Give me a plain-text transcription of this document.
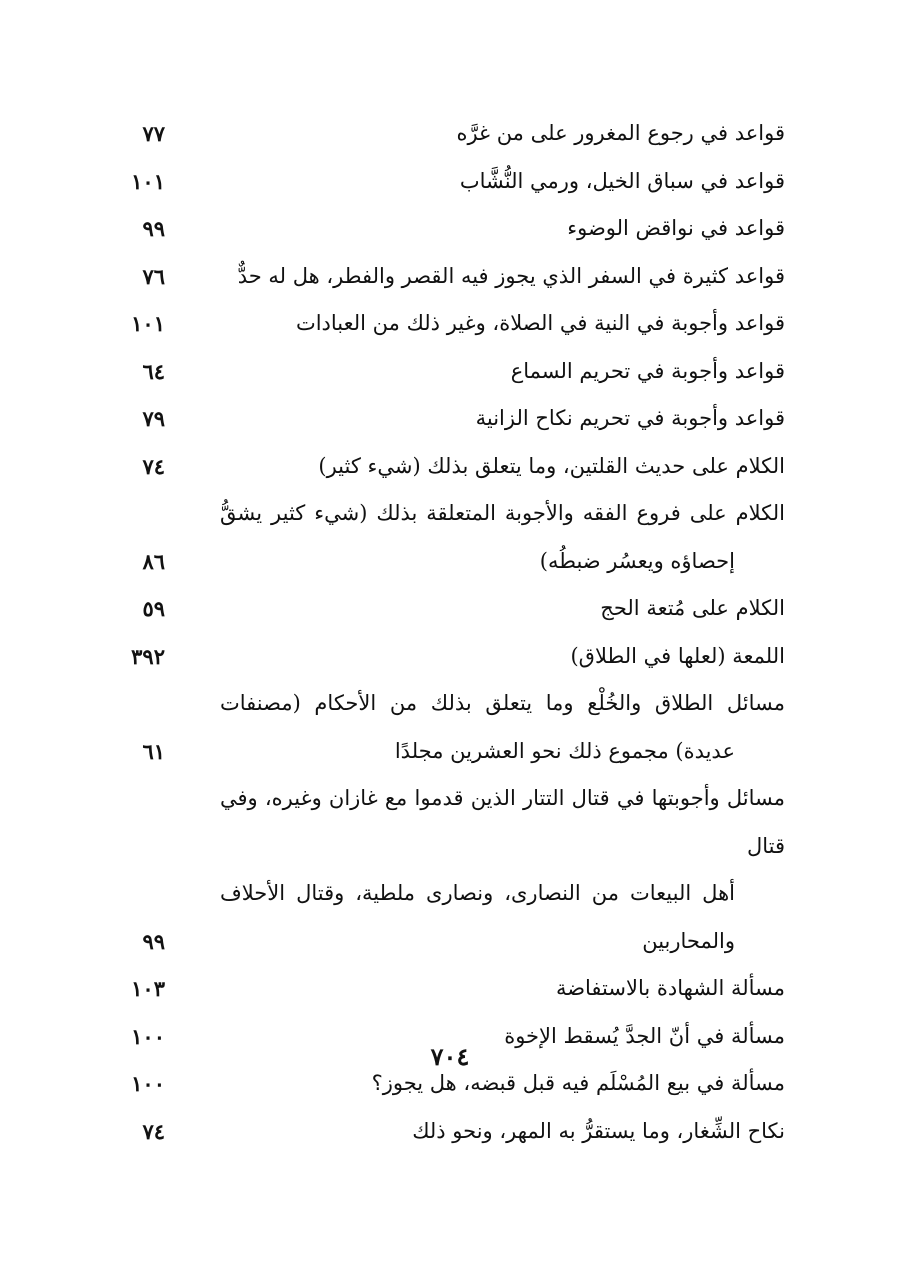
قواعد في رجوع المغرور على من غرَّه
٧٧
قواعد في سباق الخيل، ورمي النُّشَّاب
١٠١
قواعد في نواقض الوضوء
٩٩
قواعد كثيرة في السفر الذي يجوز فيه القصر والفطر، هل له حدٌّ
٧٦
قواعد وأجوبة في النية في الصلاة، وغير ذلك من العبادات
١٠١
قواعد وأجوبة في تحريم السماع
٦٤
قواعد وأجوبة في تحريم نكاح الزانية
٧٩
الكلام على حديث القلتين، وما يتعلق بذلك (شيء كثير)
٧٤
الكلام على فروع الفقه والأجوبة المتعلقة بذلك (شيء كثير يشقُّ
إحصاؤه ويعسُر ضبطُه)
٨٦
الكلام على مُتعة الحج
٥٩
اللمعة (لعلها في الطلاق)
٣٩٢
مسائل الطلاق والخُلْع وما يتعلق بذلك من الأحكام (مصنفات
عديدة) مجموع ذلك نحو العشرين مجلدًا
٦١
مسائل وأجوبتها في قتال التتار الذين قدموا مع غازان وغيره، وفي قتال
أهل البيعات من النصارى، ونصارى ملطية، وقتال الأحلاف
والمحاربين
٩٩
مسألة الشهادة بالاستفاضة
١٠٣
مسألة في أنّ الجدَّ يُسقط الإخوة
١٠٠
مسألة في بيع المُسْلَم فيه قبل قبضه، هل يجوز؟
١٠٠
نكاح الشِّغار، وما يستقرُّ به المهر، ونحو ذلك
٧٤
٧٠٤
